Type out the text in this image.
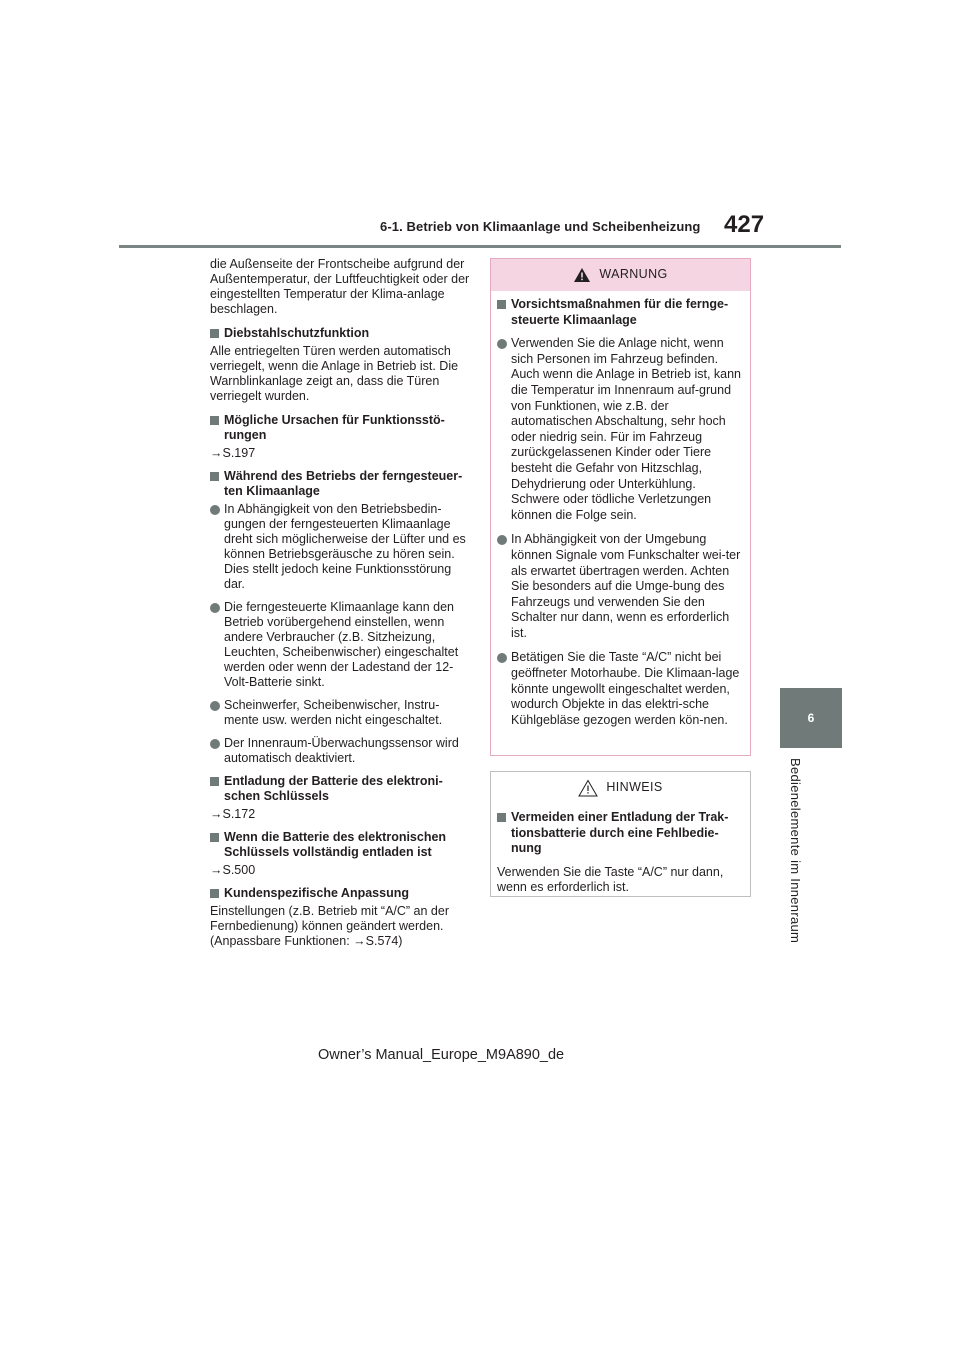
6-1. Betrieb von Klimaanlage und Scheibenheizung 427
6
Bedienelemente im Innenraum

die Außenseite der Frontscheibe aufgrund der Außentemperatur, der Luftfeuchtigkeit oder der eingestellten Temperatur der Klima-anlage beschlagen.

Diebstahlschutzfunktion

Alle entriegelten Türen werden automatisch verriegelt, wenn die Anlage in Betrieb ist. Die Warnblinkanlage zeigt an, dass die Türen verriegelt wurden.

Mögliche Ursachen für Funktionsstö-rungen

→S.197

Während des Betriebs der ferngesteuer-ten Klimaanlage
In Abhängigkeit von den Betriebsbedin-gungen der ferngesteuerten Klimaanlage dreht sich möglicherweise der Lüfter und es können Betriebsgeräusche zu hören sein.
Dies stellt jedoch keine Funktionsstörung dar.
Die ferngesteuerte Klimaanlage kann den Betrieb vorübergehend einstellen, wenn andere Verbraucher (z.B. Sitzheizung, Leuchten, Scheibenwischer) eingeschaltet werden oder wenn der Ladestand der 12-Volt-Batterie sinkt.
Scheinwerfer, Scheibenwischer, Instru-mente usw. werden nicht eingeschaltet.
Der Innenraum-Überwachungssensor wird automatisch deaktiviert.
Entladung der Batterie des elektroni-schen Schlüssels

→S.172

Wenn die Batterie des elektronischen Schlüssels vollständig entladen ist

→S.500

Kundenspezifische Anpassung

Einstellungen (z.B. Betrieb mit “A/C” an der Fernbedienung) können geändert werden. (Anpassbare Funktionen: →S.574)

WARNUNG
Vorsichtsmaßnahmen für die fernge-steuerte Klimaanlage
Verwenden Sie die Anlage nicht, wenn sich Personen im Fahrzeug befinden. Auch wenn die Anlage in Betrieb ist, kann die Temperatur im Innenraum auf-grund von Funktionen, wie z.B. der automatischen Abschaltung, sehr hoch oder niedrig sein. Für im Fahrzeug zurückgelassenen Kinder oder Tiere besteht die Gefahr von Hitzschlag, Dehydrierung oder Unterkühlung. Schwere oder tödliche Verletzungen können die Folge sein.
In Abhängigkeit von der Umgebung können Signale vom Funkschalter wei-ter als erwartet übertragen werden. Achten Sie besonders auf die Umge-bung des Fahrzeugs und verwenden Sie den Schalter nur dann, wenn es erforderlich ist.
Betätigen Sie die Taste “A/C” nicht bei geöffneter Motorhaube. Die Klimaan-lage könnte ungewollt eingeschaltet werden, wodurch Objekte in das elektri-sche Kühlgebläse gezogen werden kön-nen.
HINWEIS
Vermeiden einer Entladung der Trak-tionsbatterie durch eine Fehlbedie-nung
Verwenden Sie die Taste “A/C” nur dann, wenn es erforderlich ist.
Owner’s Manual_Europe_M9A890_de
